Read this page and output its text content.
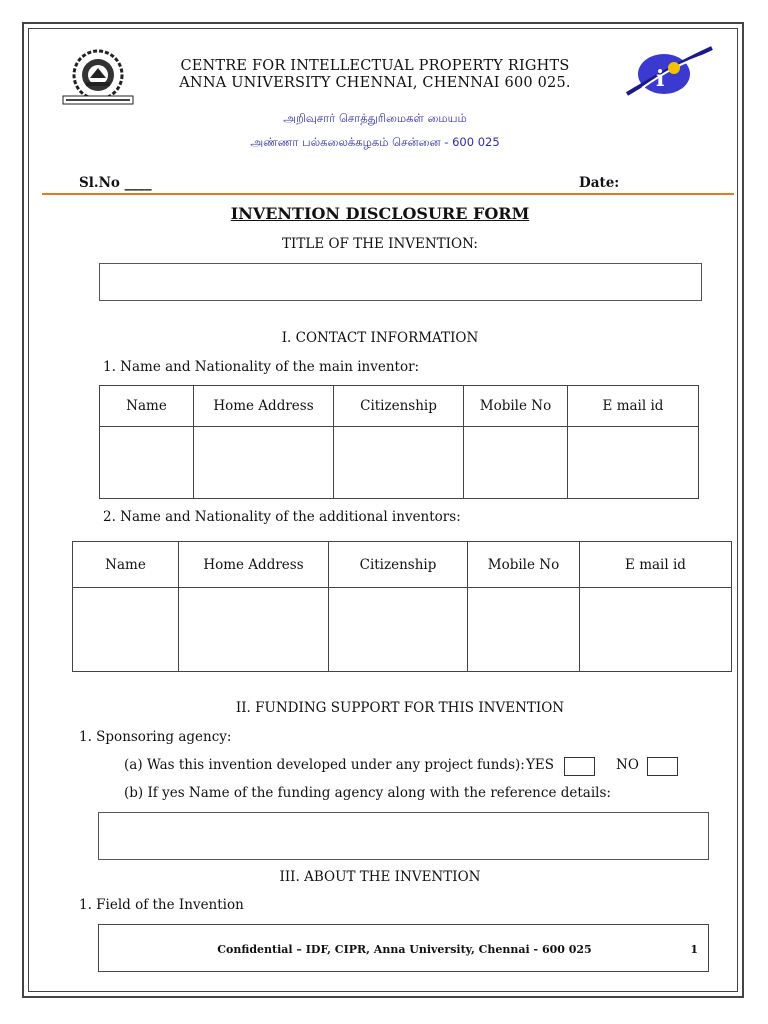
i
CENTRE FOR INTELLECTUAL PROPERTY RIGHTS
ANNA UNIVERSITY CHENNAI, CHENNAI 600 025.
அறிவுசார் சொத்துரிமைகள் மையம்
அண்ணா பல்கலைக்கழகம் சென்னை - 600 025
Sl.No ____	Date:
INVENTION DISCLOSURE FORM
TITLE OF THE INVENTION:
I. CONTACT INFORMATION
1. Name and Nationality of the main inventor:
Name	Home Address	Citizenship	Mobile No	E mail id

2. Name and Nationality of the additional inventors:
Name	Home Address	Citizenship	Mobile No	E mail id

II. FUNDING SUPPORT FOR THIS INVENTION
1. Sponsoring agency:
(a) Was this invention developed under any project funds): YES	NO
(b) If yes Name of the funding agency along with the reference details:
III. ABOUT THE INVENTION
1. Field of the Invention
Confidential – IDF, CIPR, Anna University, Chennai - 600 025	1
